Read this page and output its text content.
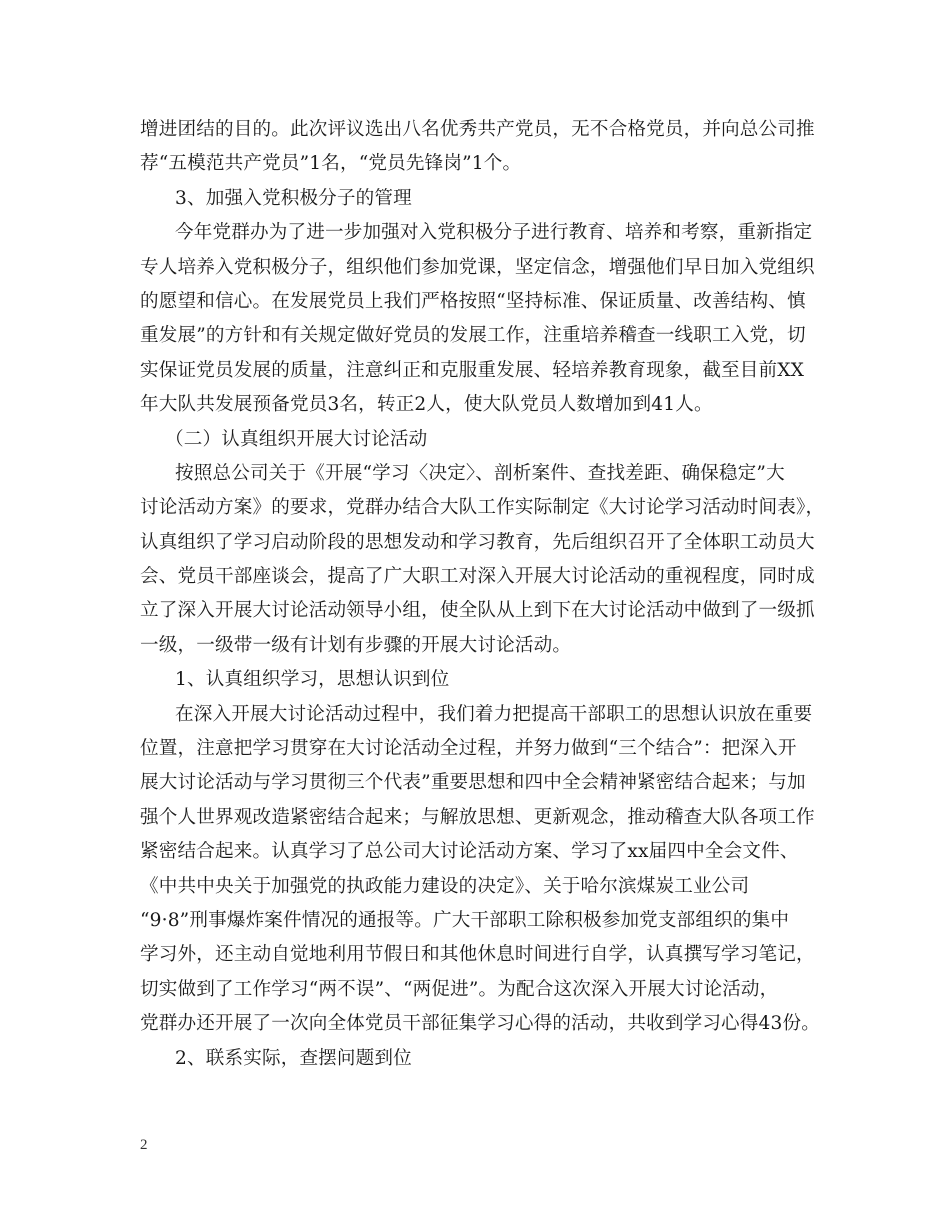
增进团结的目的。此次评议选出八名优秀共产党员，无不合格党员，并向总公司推
荐“五模范共产党员”1名，“党员先锋岗”1个。
3、加强入党积极分子的管理
今年党群办为了进一步加强对入党积极分子进行教育、培养和考察，重新指定
专人培养入党积极分子，组织他们参加党课，坚定信念，增强他们早日加入党组织
的愿望和信心。在发展党员上我们严格按照“坚持标准、保证质量、改善结构、慎
重发展”的方针和有关规定做好党员的发展工作，注重培养稽查一线职工入党，切
实保证党员发展的质量，注意纠正和克服重发展、轻培养教育现象，截至目前XX
年大队共发展预备党员3名，转正2人，使大队党员人数增加到41人。
（二）认真组织开展大讨论活动
按照总公司关于《开展“学习〈决定〉、剖析案件、查找差距、确保稳定”大
讨论活动方案》的要求，党群办结合大队工作实际制定《大讨论学习活动时间表》，
认真组织了学习启动阶段的思想发动和学习教育，先后组织召开了全体职工动员大
会、党员干部座谈会，提高了广大职工对深入开展大讨论活动的重视程度，同时成
立了深入开展大讨论活动领导小组，使全队从上到下在大讨论活动中做到了一级抓
一级，一级带一级有计划有步骤的开展大讨论活动。
1、认真组织学习，思想认识到位
在深入开展大讨论活动过程中，我们着力把提高干部职工的思想认识放在重要
位置，注意把学习贯穿在大讨论活动全过程，并努力做到“三个结合”：把深入开
展大讨论活动与学习贯彻三个代表”重要思想和四中全会精神紧密结合起来；与加
强个人世界观改造紧密结合起来；与解放思想、更新观念，推动稽查大队各项工作
紧密结合起来。认真学习了总公司大讨论活动方案、学习了xx届四中全会文件、
《中共中央关于加强党的执政能力建设的决定》、关于哈尔滨煤炭工业公司
“9·8”刑事爆炸案件情况的通报等。广大干部职工除积极参加党支部组织的集中
学习外，还主动自觉地利用节假日和其他休息时间进行自学，认真撰写学习笔记，
切实做到了工作学习“两不误”、“两促进”。为配合这次深入开展大讨论活动，
党群办还开展了一次向全体党员干部征集学习心得的活动，共收到学习心得43份。
2、联系实际，查摆问题到位
2
